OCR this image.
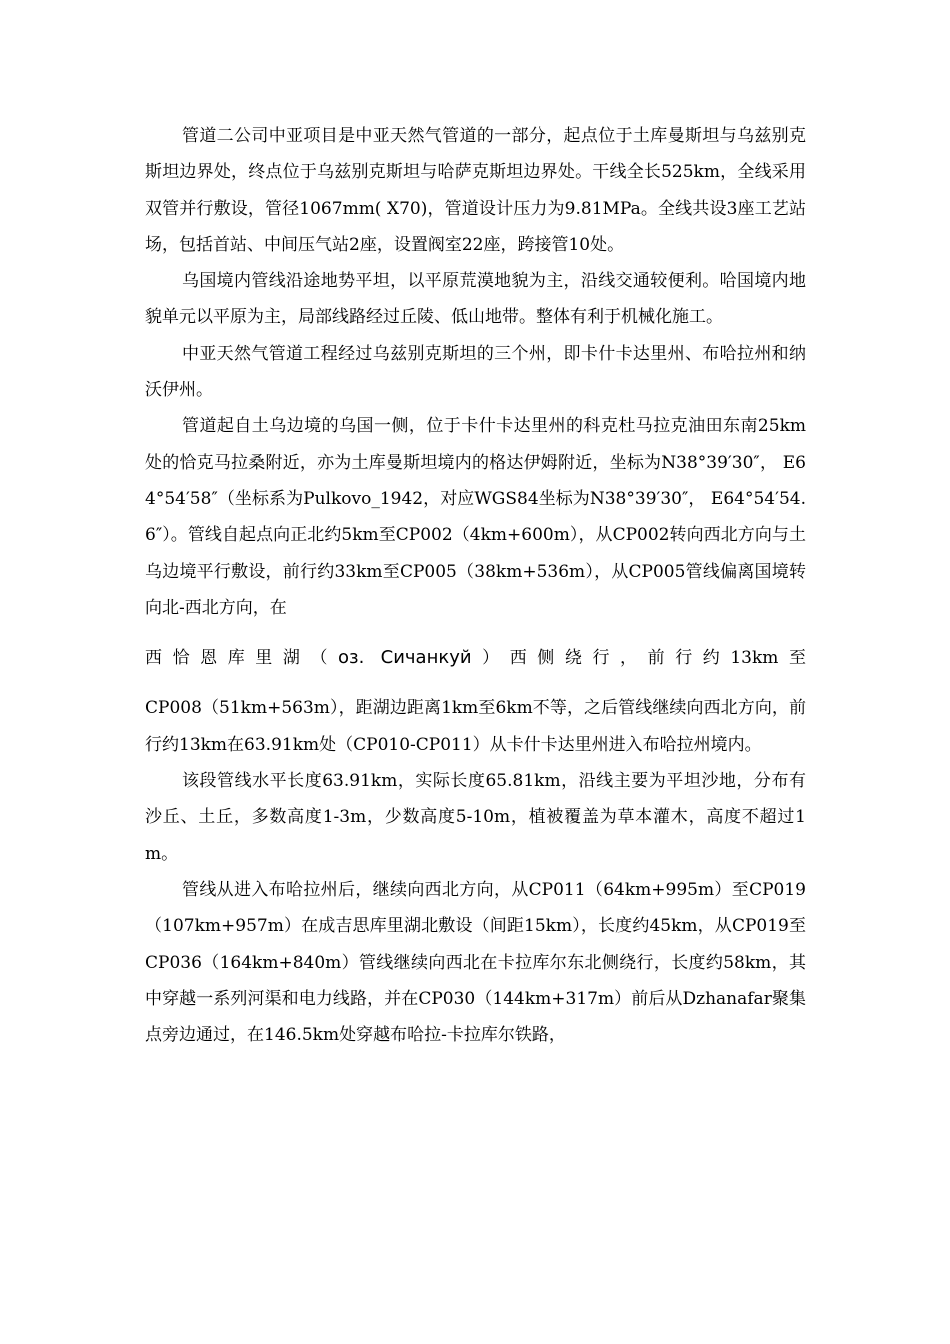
管道二公司中亚项目是中亚天然气管道的一部分，起点位于土库曼斯坦与乌兹别克斯坦边界处，终点位于乌兹别克斯坦与哈萨克斯坦边界处。干线全长525km，全线采用双管并行敷设，管径1067mm( X70)，管道设计压力为9.81MPa。全线共设3座工艺站场，包括首站、中间压气站2座，设置阀室22座，跨接管10处。

乌国境内管线沿途地势平坦，以平原荒漠地貌为主，沿线交通较便利。哈国境内地貌单元以平原为主，局部线路经过丘陵、低山地带。整体有利于机械化施工。

中亚天然气管道工程经过乌兹别克斯坦的三个州，即卡什卡达里州、布哈拉州和纳沃伊州。

管道起自土乌边境的乌国一侧，位于卡什卡达里州的科克杜马拉克油田东南25km处的恰克马拉桑附近，亦为土库曼斯坦境内的格达伊姆附近，坐标为N38°39′30″， E64°54′58″（坐标系为Pulkovo_1942，对应WGS84坐标为N38°39′30″， E64°54′54.6″）。管线自起点向正北约5km至CP002（4km+600m），从CP002转向西北方向与土乌边境平行敷设，前行约33km至CP005（38km+536m），从CP005管线偏离国境转向北-西北方向，在
西恰恩库里湖（оз. Сичанкуй）西侧绕行，前行约13km至
CP008（51km+563m），距湖边距离1km至6km不等，之后管线继续向西北方向，前行约13km在63.91km处（CP010-CP011）从卡什卡达里州进入布哈拉州境内。

该段管线水平长度63.91km，实际长度65.81km，沿线主要为平坦沙地，分布有沙丘、土丘，多数高度1-3m，少数高度5-10m，植被覆盖为草本灌木，高度不超过1m。

管线从进入布哈拉州后，继续向西北方向，从CP011（64km+995m）至CP019（107km+957m）在成吉思库里湖北敷设（间距15km），长度约45km，从CP019至CP036（164km+840m）管线继续向西北在卡拉库尔东北侧绕行，长度约58km，其中穿越一系列河渠和电力线路，并在CP030（144km+317m）前后从Dzhanafar聚集点旁边通过，在146.5km处穿越布哈拉-卡拉库尔铁路，
